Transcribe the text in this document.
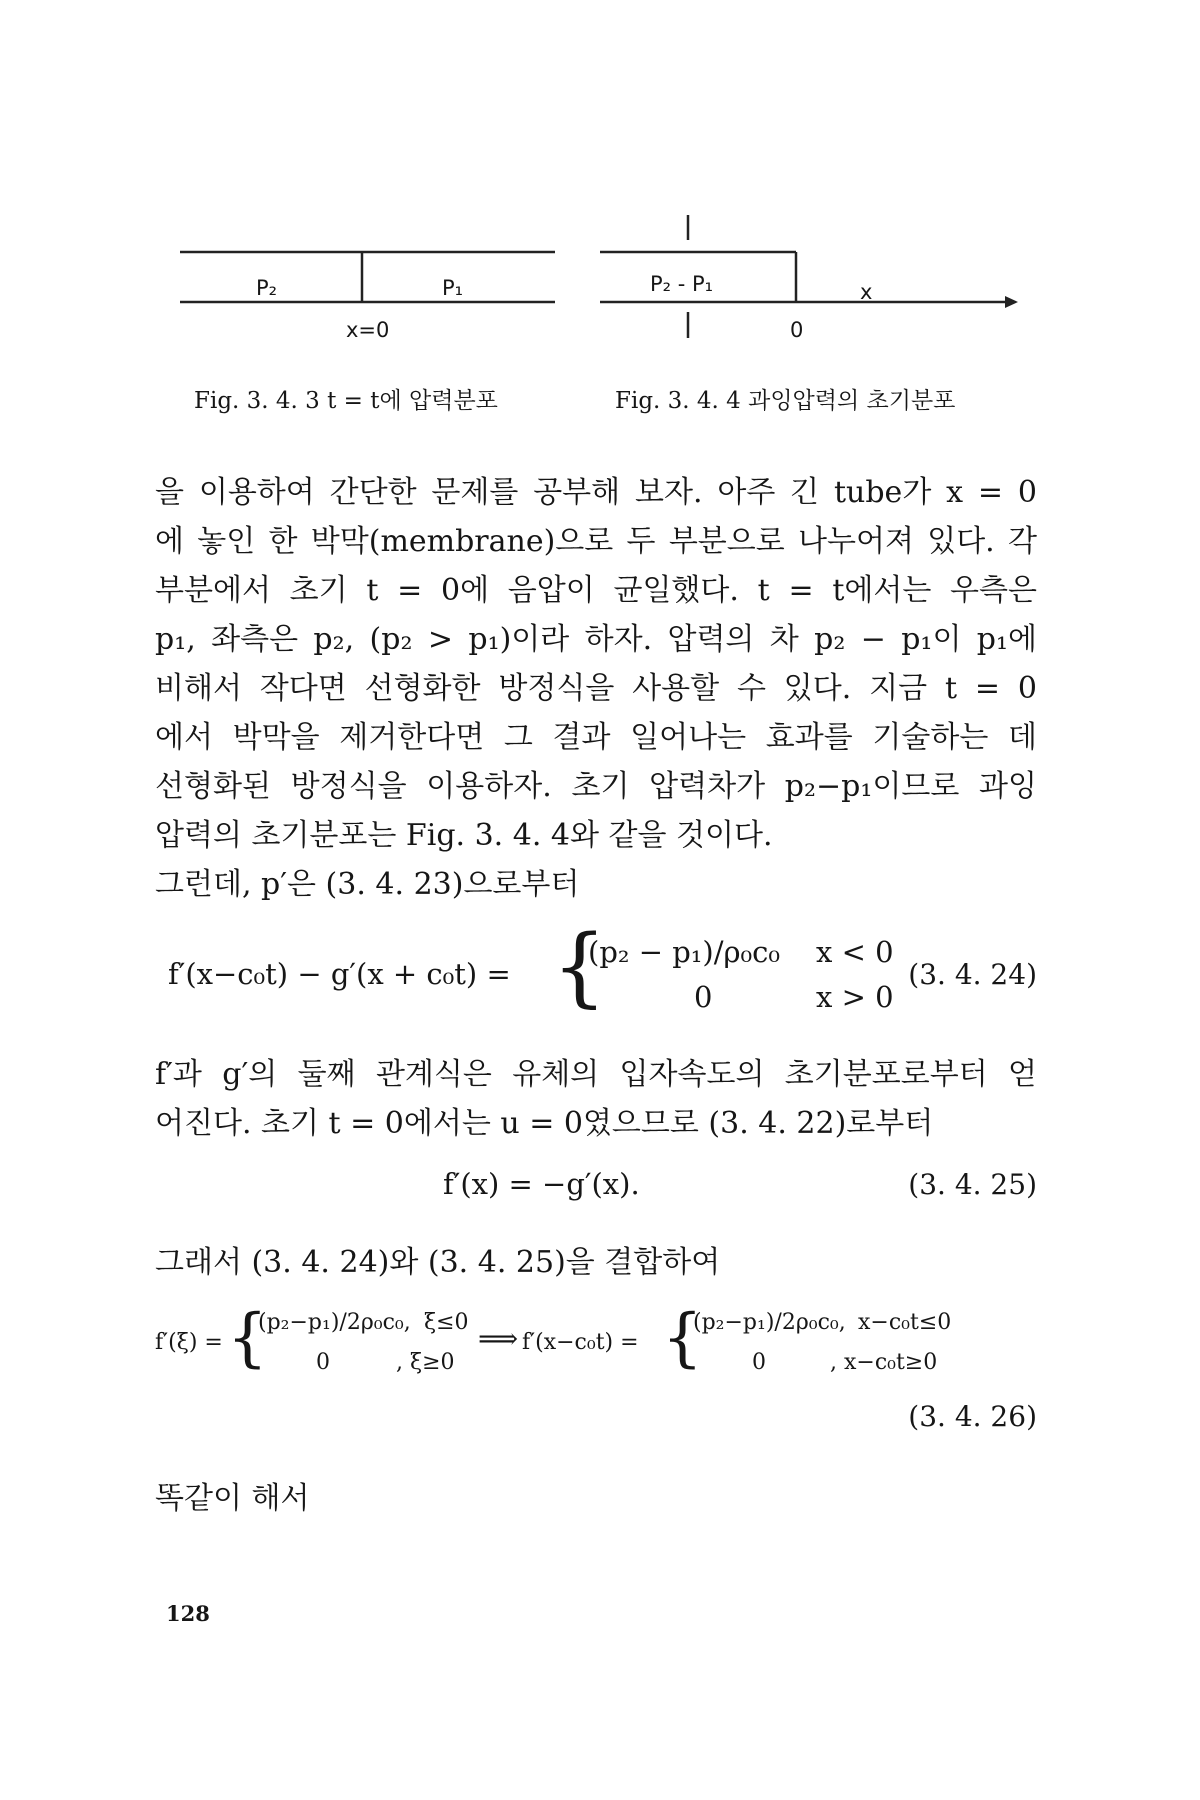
P₂	P₁
x=0
Fig. 3. 4. 3 t = t에 압력분포
P₂ - P₁	x
0
Fig. 3. 4. 4 과잉압력의 초기분포
을 이용하여 간단한 문제를 공부해 보자. 아주 긴 tube가 x = 0
에 놓인 한 박막(membrane)으로 두 부분으로 나누어져 있다. 각
부분에서 초기 t = 0에 음압이 균일했다. t = t에서는 우측은
p₁, 좌측은 p₂, (p₂ > p₁)이라 하자. 압력의 차 p₂ − p₁이 p₁에
비해서 작다면 선형화한 방정식을 사용할 수 있다. 지금 t = 0
에서 박막을 제거한다면 그 결과 일어나는 효과를 기술하는 데
선형화된 방정식을 이용하자. 초기 압력차가 p₂−p₁이므로 과잉
압력의 초기분포는 Fig. 3. 4. 4와 같을 것이다.
그런데, p′은 (3. 4. 23)으로부터
f′(x−c₀t) − g′(x + c₀t) = {
(p₂ − p₁)/ρ₀c₀ x < 0
0	x > 0
(3. 4. 24)
f′과 g′의 둘째 관계식은 유체의 입자속도의 초기분포로부터 얻
어진다. 초기 t = 0에서는 u = 0였으므로 (3. 4. 22)로부터
f′(x) = −g′(x).	(3. 4. 25)
그래서 (3. 4. 24)와 (3. 4. 25)을 결합하여
f′(ξ) = {
(p₂−p₁)/2ρ₀c₀, ξ≤0
0	, ξ≥0
⟹ f′(x−c₀t) = {
(p₂−p₁)/2ρ₀c₀, x−c₀t≤0
0	, x−c₀t≥0
(3. 4. 26)
똑같이 해서
128
